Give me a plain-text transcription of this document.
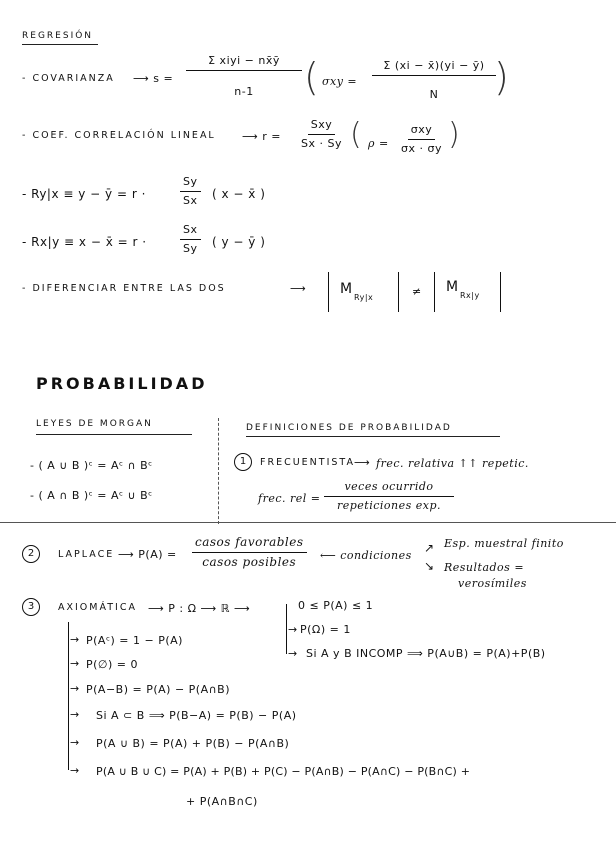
REGRESIÓN
- COVARIANZA ⟶ s =
Σ xiyi − nx̄ȳ
n-1 ( $\sigma xy = \frac{\Sigma (xi - x̄)(yi - ȳ)}{N}$
)
- COEF. CORRELACIÓN LINEAL ⟶ r =
Sxy
Sx · Sy ( ρ =
σxy
σx · σy )
- Ry|x ≡ y − ȳ = r ·	$\frac{Sy}{Sx}$ ( x − x̄ )
- Rx|y ≡ x − x̄ = r ·	$\frac{Sx}{Sy}$ ( y − ȳ )
- DIFERENCIAR ENTRE LAS DOS	⟶ M
Ry|x	≠ M
Rx|y
PROBABILIDAD
LEYES DE MORGAN
- ( A ∪ B )ᶜ = Aᶜ ∩ Bᶜ
- ( A ∩ B )ᶜ = Aᶜ ∪ Bᶜ
DEFINICIONES DE PROBABILIDAD
1	FRECUENTISTA ⟶ frec. relativa ↑↑ repetic.
frec. rel =
veces ocurrido
repeticiones exp.
2	LAPLACE ⟶ P(A) =
casos favorables
casos posibles ⟵ condiciones
↗
↘
Esp. muestral finito
Resultados =
verosímiles
3	AXIOMÁTICA ⟶ P : Ω ⟶ ℝ ⟶	0 ≤ P(A) ≤ 1
→ P(Ω) = 1
→ Si A y B INCOMP ⟹ P(A∪B) = P(A)+P(B)
→ P(Aᶜ) = 1 − P(A)
→ P(∅) = 0
→ P(A−B) = P(A) − P(A∩B)
→ Si A ⊂ B ⟹ P(B−A) = P(B) − P(A)
→ P(A ∪ B) = P(A) + P(B) − P(A∩B)
→ P(A ∪ B ∪ C) = P(A) + P(B) + P(C) − P(A∩B) − P(A∩C) − P(B∩C) +
+ P(A∩B∩C)
